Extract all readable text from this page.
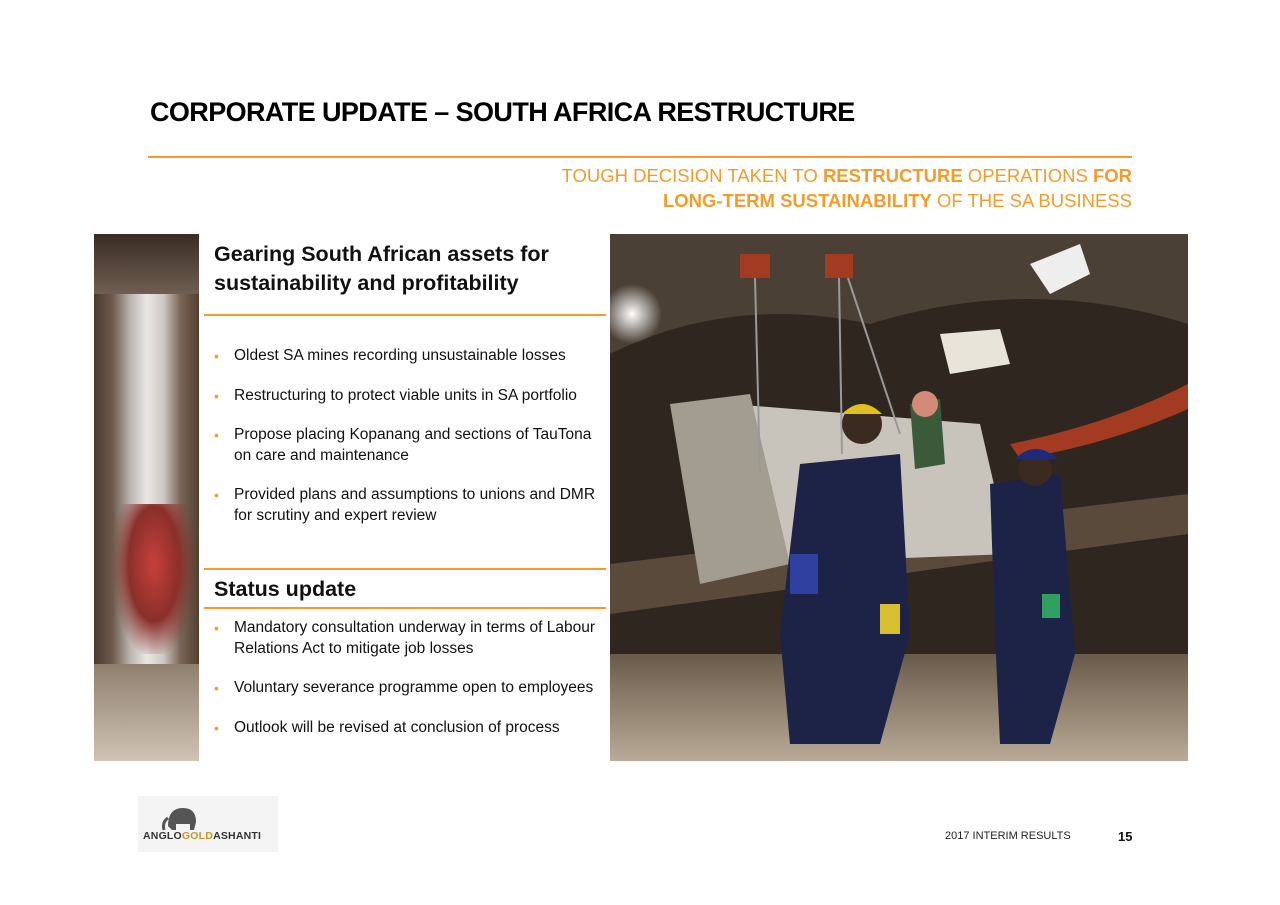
CORPORATE UPDATE – SOUTH AFRICA RESTRUCTURE
TOUGH DECISION TAKEN TO RESTRUCTURE OPERATIONS FOR
LONG-TERM SUSTAINABILITY OF THE SA BUSINESS
Gearing South African assets for sustainability and profitability
• Oldest SA mines recording unsustainable losses
• Restructuring to protect viable units in SA portfolio
• Propose placing Kopanang and sections of TauTona on care and maintenance
• Provided plans and assumptions to unions and DMR for scrutiny and expert review
Status update
• Mandatory consultation underway in terms of Labour Relations Act to mitigate job losses
• Voluntary severance programme open to employees
• Outlook will be revised at conclusion of process
ANGLOGOLDASHANTI	2017 INTERIM RESULTS	15
